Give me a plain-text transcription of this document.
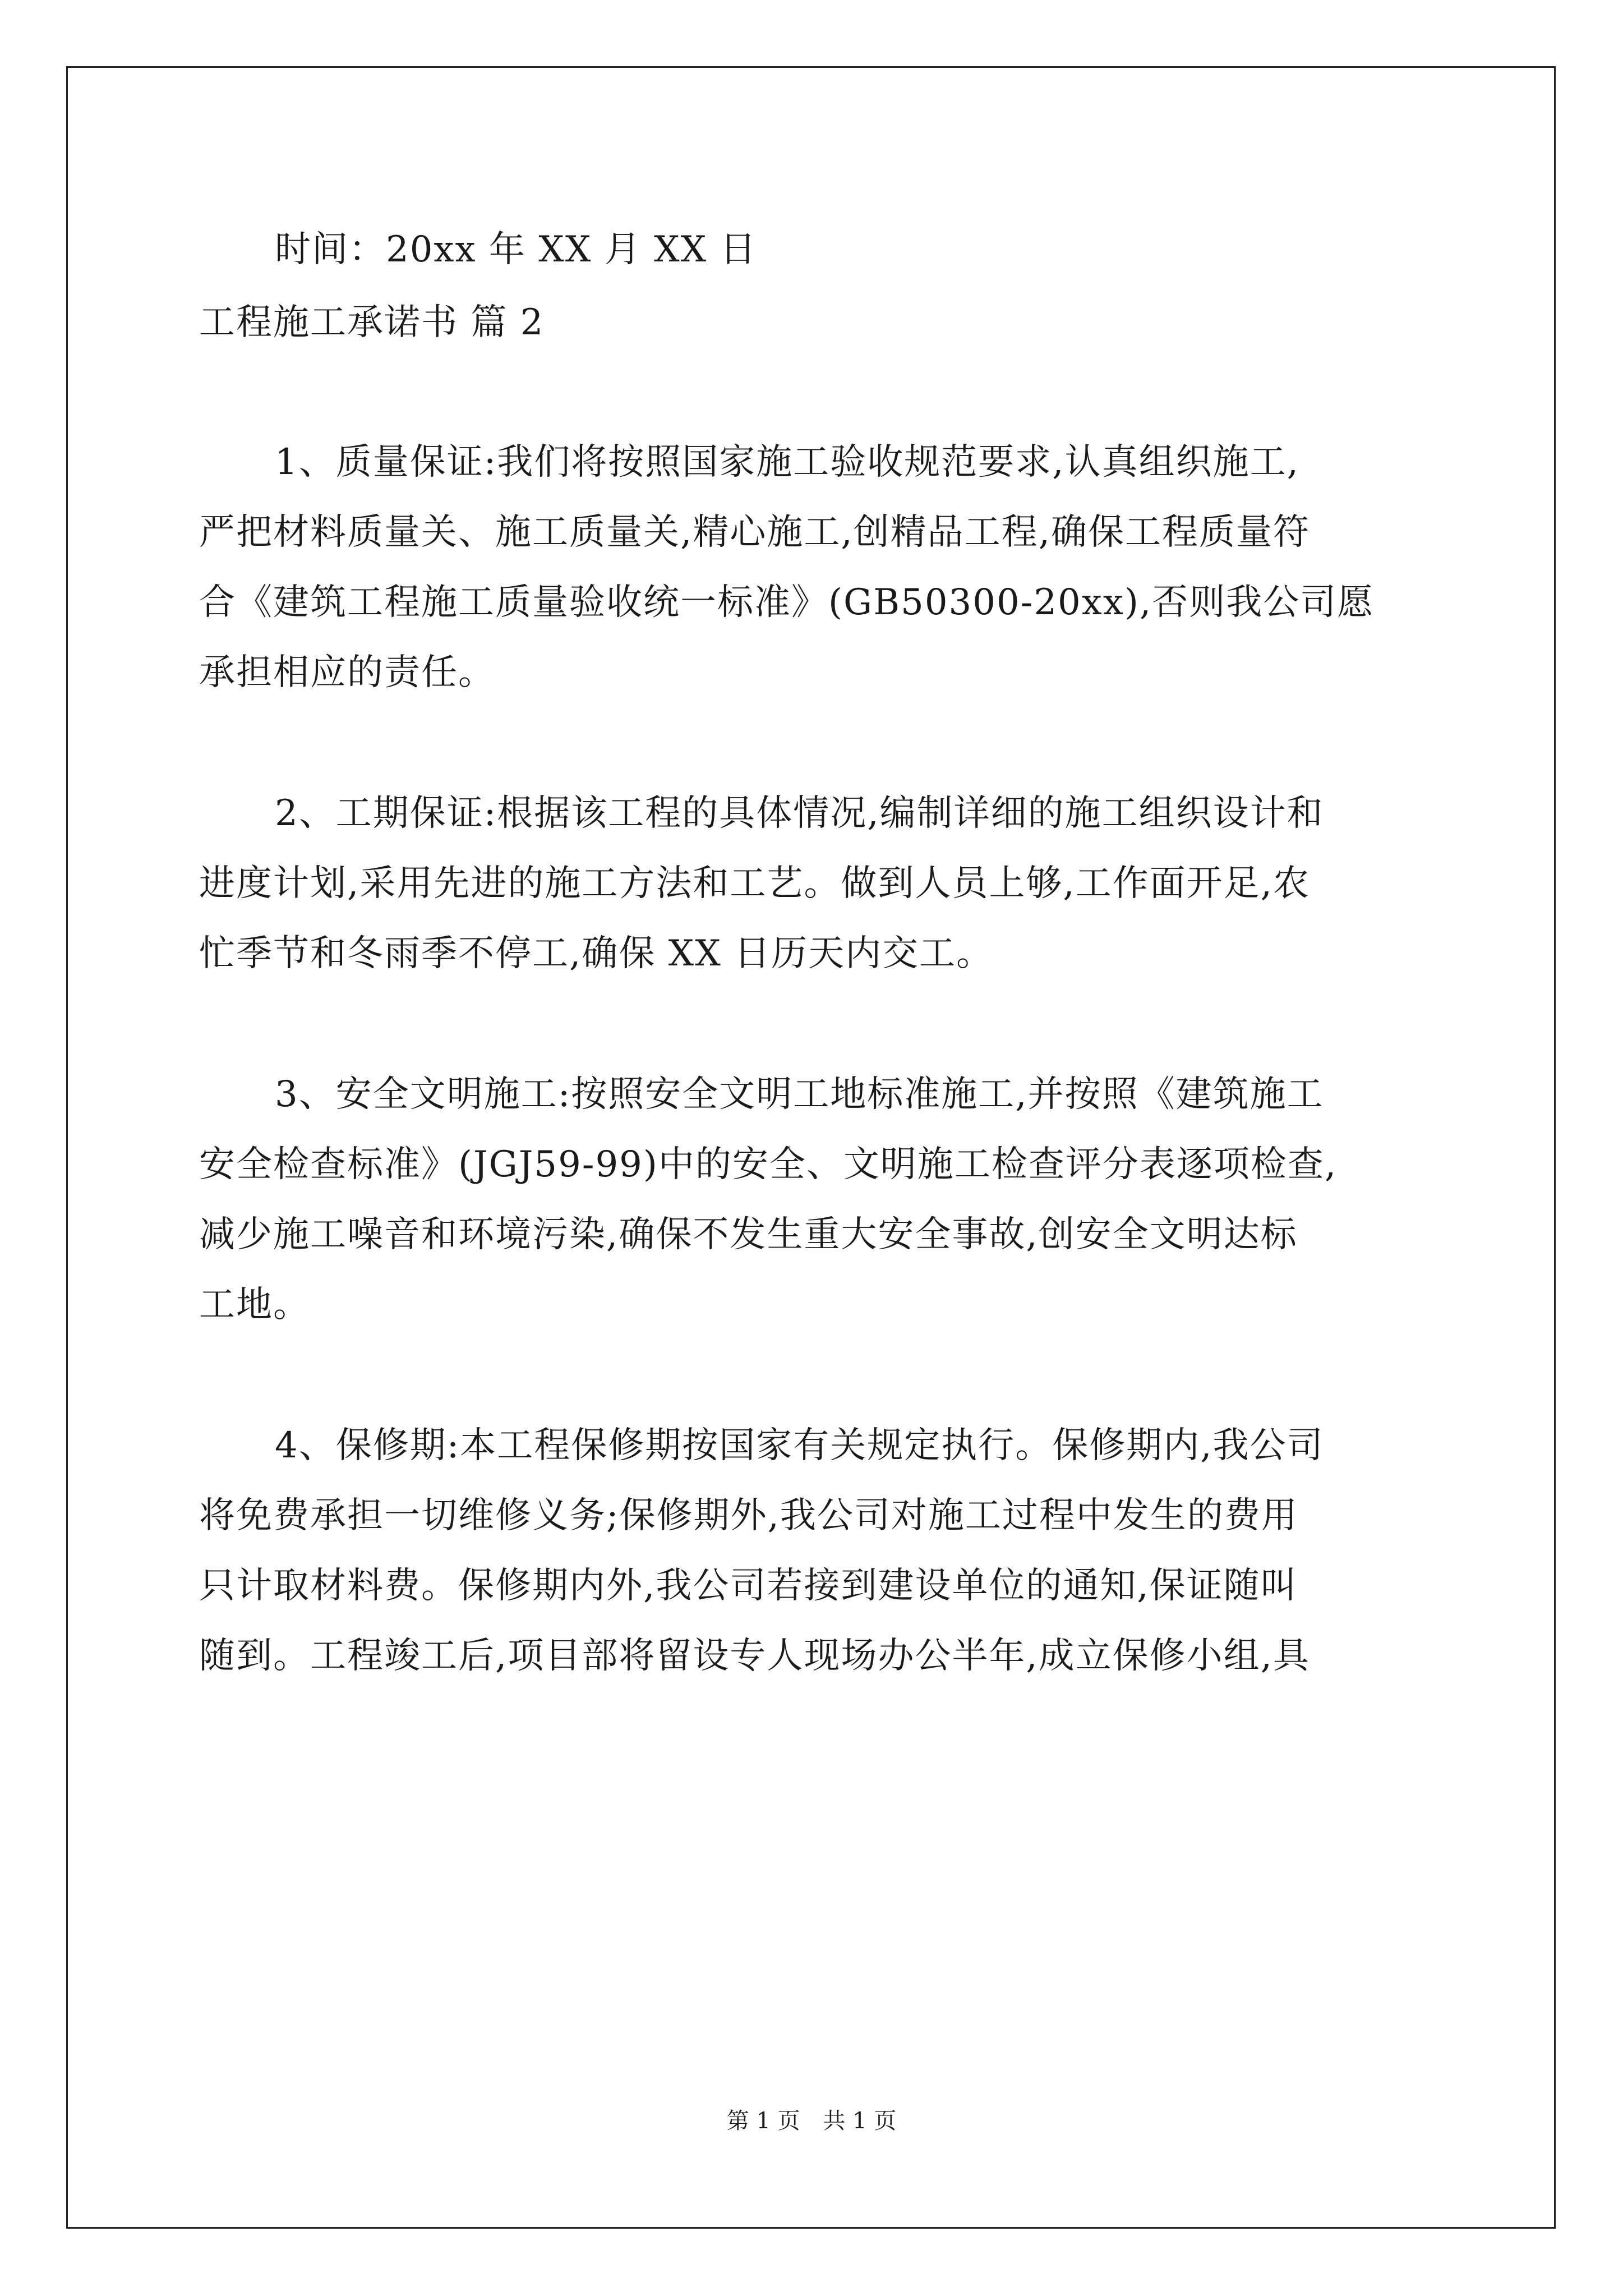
时间：20xx 年 XX 月 XX 日
工程施工承诺书 篇 2
1、质量保证:我们将按照国家施工验收规范要求,认真组织施工,
严把材料质量关、施工质量关,精心施工,创精品工程,确保工程质量符
合《建筑工程施工质量验收统一标准》(GB50300-20xx),否则我公司愿
承担相应的责任。
2、工期保证:根据该工程的具体情况,编制详细的施工组织设计和
进度计划,采用先进的施工方法和工艺。做到人员上够,工作面开足,农
忙季节和冬雨季不停工,确保 XX 日历天内交工。
3、安全文明施工:按照安全文明工地标准施工,并按照《建筑施工
安全检查标准》(JGJ59-99)中的安全、文明施工检查评分表逐项检查,
减少施工噪音和环境污染,确保不发生重大安全事故,创安全文明达标
工地。
4、保修期:本工程保修期按国家有关规定执行。保修期内,我公司
将免费承担一切维修义务;保修期外,我公司对施工过程中发生的费用
只计取材料费。保修期内外,我公司若接到建设单位的通知,保证随叫
随到。工程竣工后,项目部将留设专人现场办公半年,成立保修小组,具
第 1 页 共 1 页
